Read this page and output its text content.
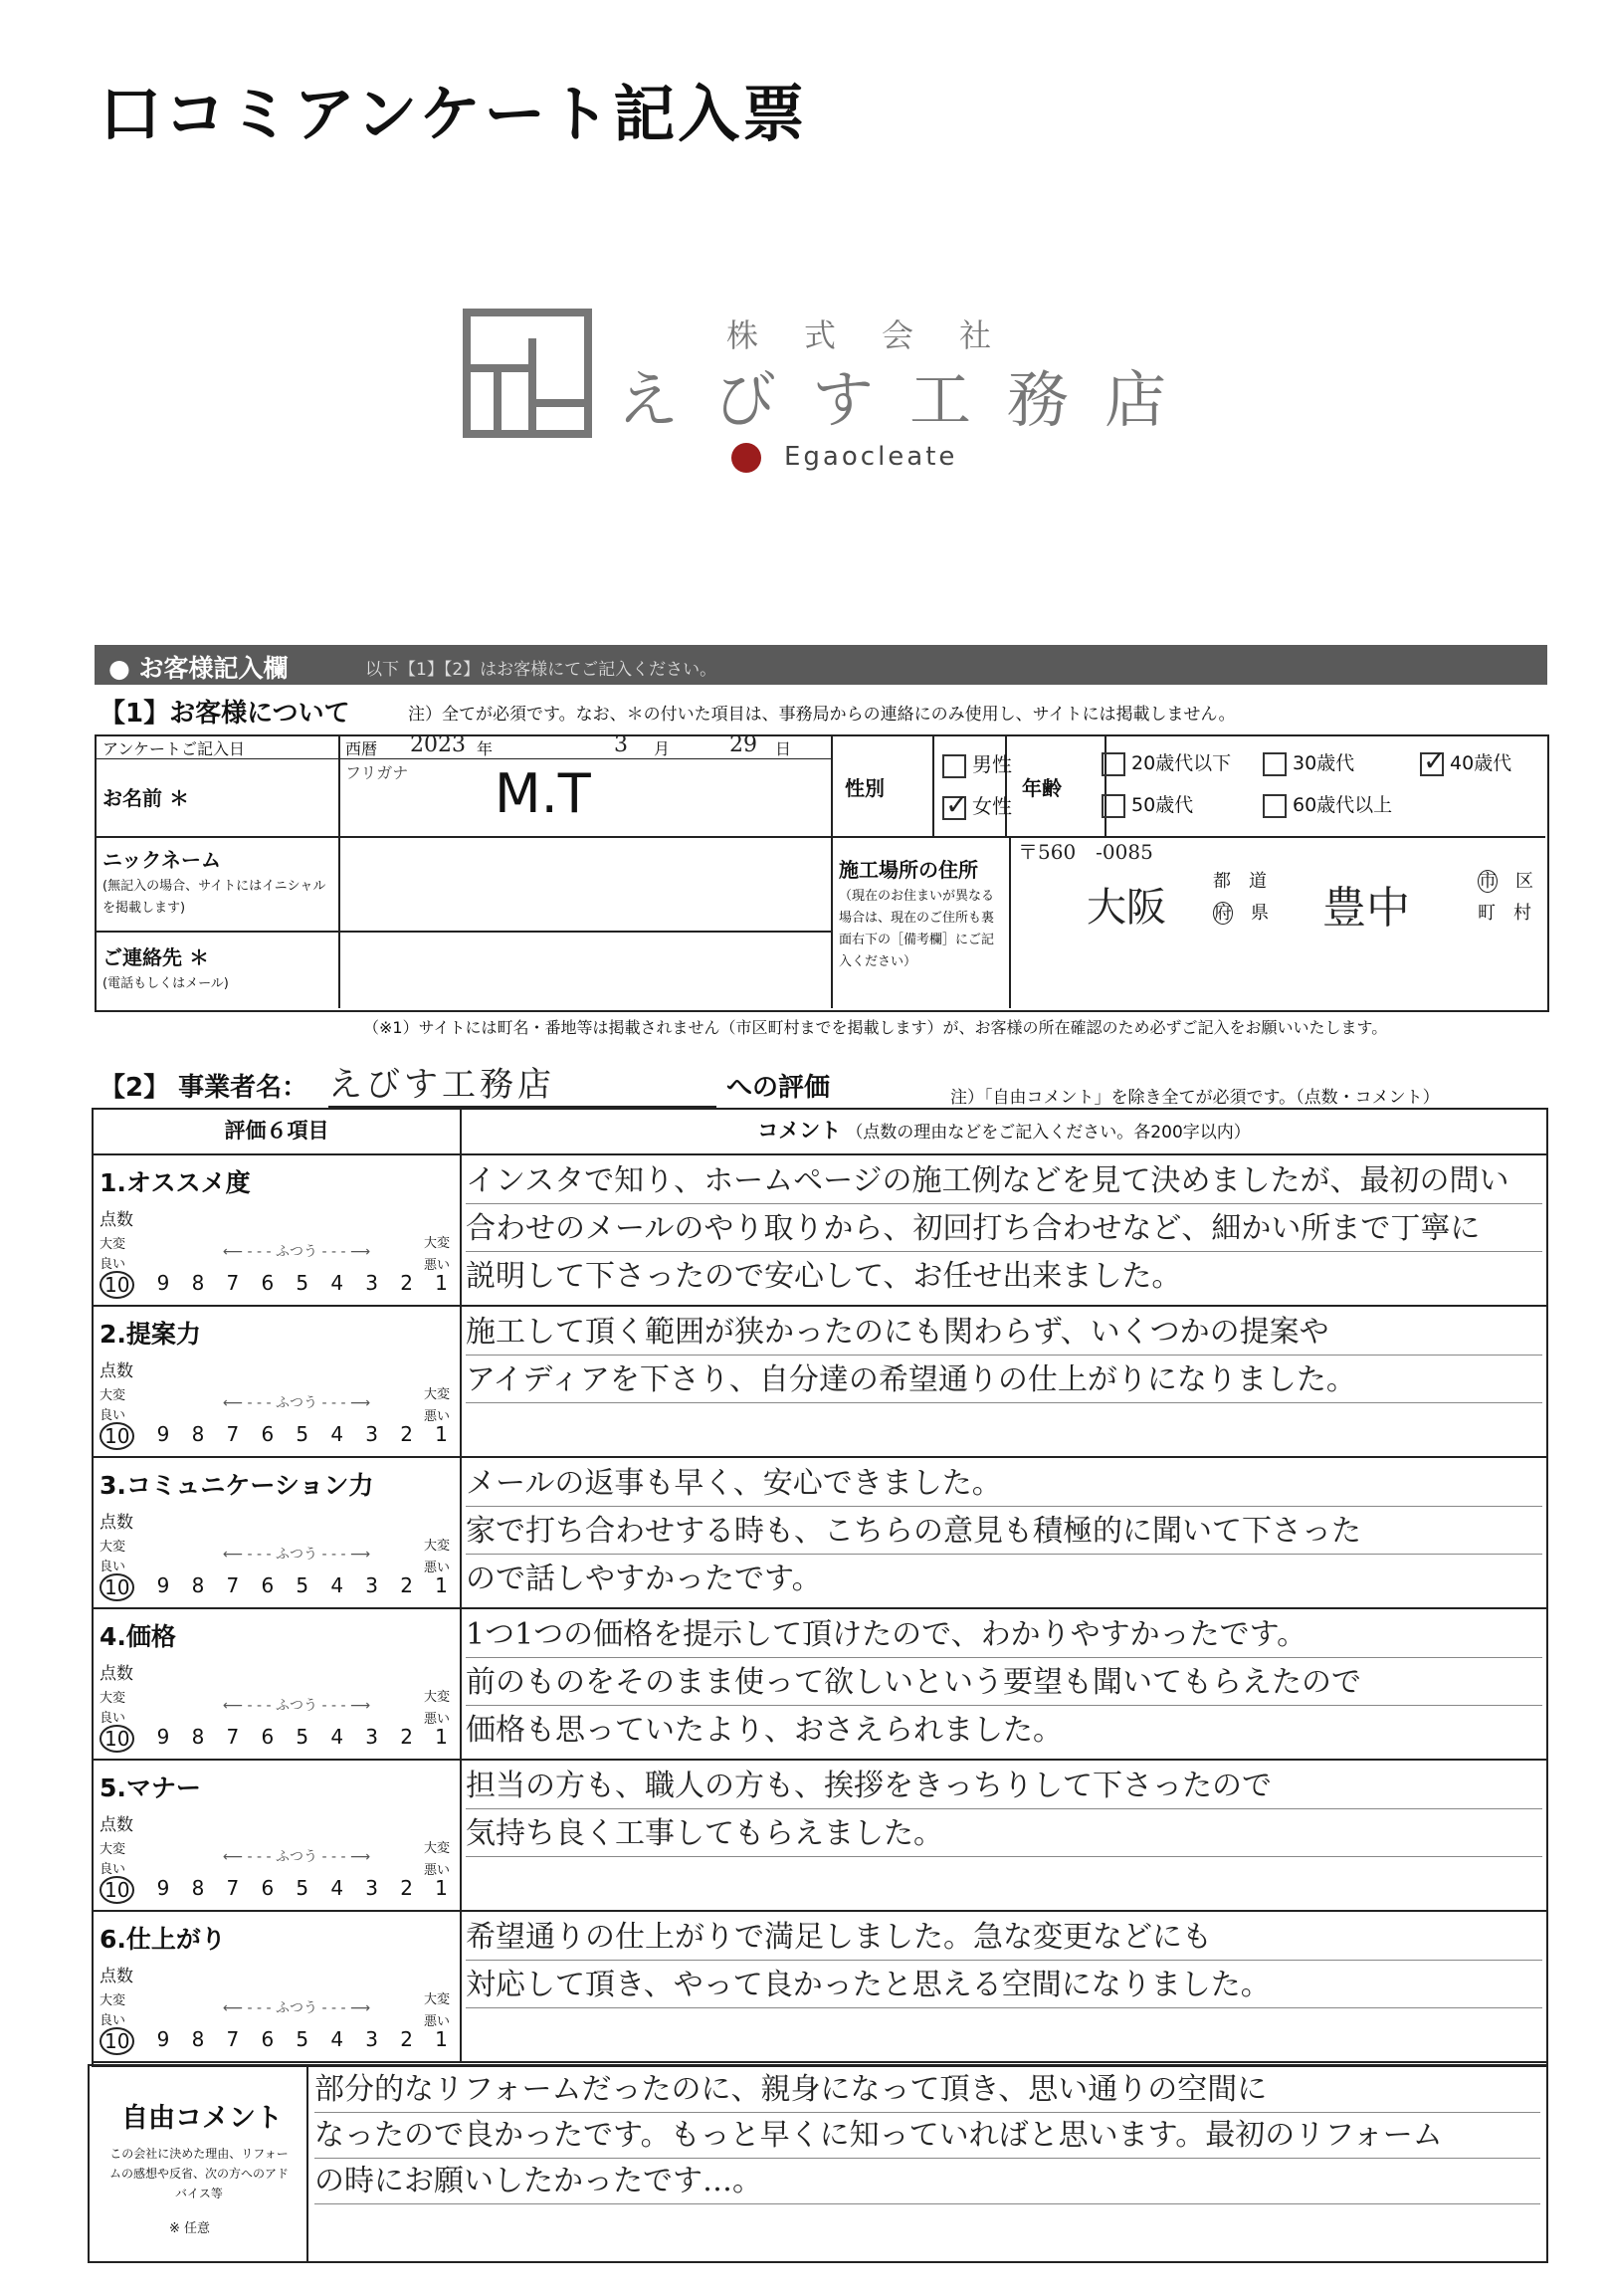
口コミアンケート記入票
株式会社
えびす工務店
Egaocleate
● お客様記入欄	以下【1】【2】はお客様にてご記入ください。
【1】お客様について	注）全てが必須です。なお、＊の付いた項目は、事務局からの連絡にのみ使用し、サイトには掲載しません。
アンケートご記入日	西暦 2023 年	3 月	29 日
フリガナ
お名前 ＊	M.T	性別
男性
✓女性
年齢
20歳代以下	30歳代
✓	40歳代
50歳代	60歳代以上
ニックネーム
(無記入の場合、サイトにはイニシャルを掲載します)
ご連絡先 ＊
(電話もしくはメール)
施工場所の住所
（現在のお住まいが異なる場合は、現在のご住所も裏面右下の［備考欄］にご記入ください）
〒560　-0085
大阪
都　 道
府　 県 豊中
市　 区
町　 村
（※1）サイトには町名・番地等は掲載されません（市区町村までを掲載します）が、お客様の所在確認のため必ずご記入をお願いいたします。
【2】 事業者名： えびす工務店	への評価	注）「自由コメント」を除き全てが必須です。（点数・コメント）
評価６項目	コメント （点数の理由などをご記入ください。各200字以内）
1.オススメ度
点数
大変
良い
⟵ ‐ ‐ ‐ ふつう ‐ ‐ ‐ ⟶
大変
悪い
10 9 8 7 6 5 4 3 2 1
インスタで知り、ホームページの施工例などを見て決めましたが、最初の問い
合わせのメールのやり取りから、初回打ち合わせなど、細かい所まで丁寧に
説明して下さったので安心して、お任せ出来ました。
2.提案力
点数
大変
良い
⟵ ‐ ‐ ‐ ふつう ‐ ‐ ‐ ⟶
大変
悪い
10 9 8 7 6 5 4 3 2 1
施工して頂く範囲が狭かったのにも関わらず、いくつかの提案や
アイディアを下さり、自分達の希望通りの仕上がりになりました。
3.コミュニケーション力
点数
大変
良い
⟵ ‐ ‐ ‐ ふつう ‐ ‐ ‐ ⟶
大変
悪い
10 9 8 7 6 5 4 3 2 1
メールの返事も早く、安心できました。
家で打ち合わせする時も、こちらの意見も積極的に聞いて下さった
ので話しやすかったです。
4.価格
点数
大変
良い
⟵ ‐ ‐ ‐ ふつう ‐ ‐ ‐ ⟶
大変
悪い
10 9 8 7 6 5 4 3 2 1
1つ1つの価格を提示して頂けたので、わかりやすかったです。
前のものをそのまま使って欲しいという要望も聞いてもらえたので
価格も思っていたより、おさえられました。
5.マナー
点数
大変
良い
⟵ ‐ ‐ ‐ ふつう ‐ ‐ ‐ ⟶
大変
悪い
10 9 8 7 6 5 4 3 2 1
担当の方も、職人の方も、挨拶をきっちりして下さったので
気持ち良く工事してもらえました。
6.仕上がり
点数
大変
良い
⟵ ‐ ‐ ‐ ふつう ‐ ‐ ‐ ⟶
大変
悪い
10 9 8 7 6 5 4 3 2 1
希望通りの仕上がりで満足しました。急な変更などにも
対応して頂き、やって良かったと思える空間になりました。
自由コメント
この会社に決めた理由、リフォームの感想や反省、次の方へのアドバイス等
※ 任意
部分的なリフォームだったのに、親身になって頂き、思い通りの空間に
なったので良かったです。もっと早くに知っていればと思います。最初のリフォーム
の時にお願いしたかったです…。
